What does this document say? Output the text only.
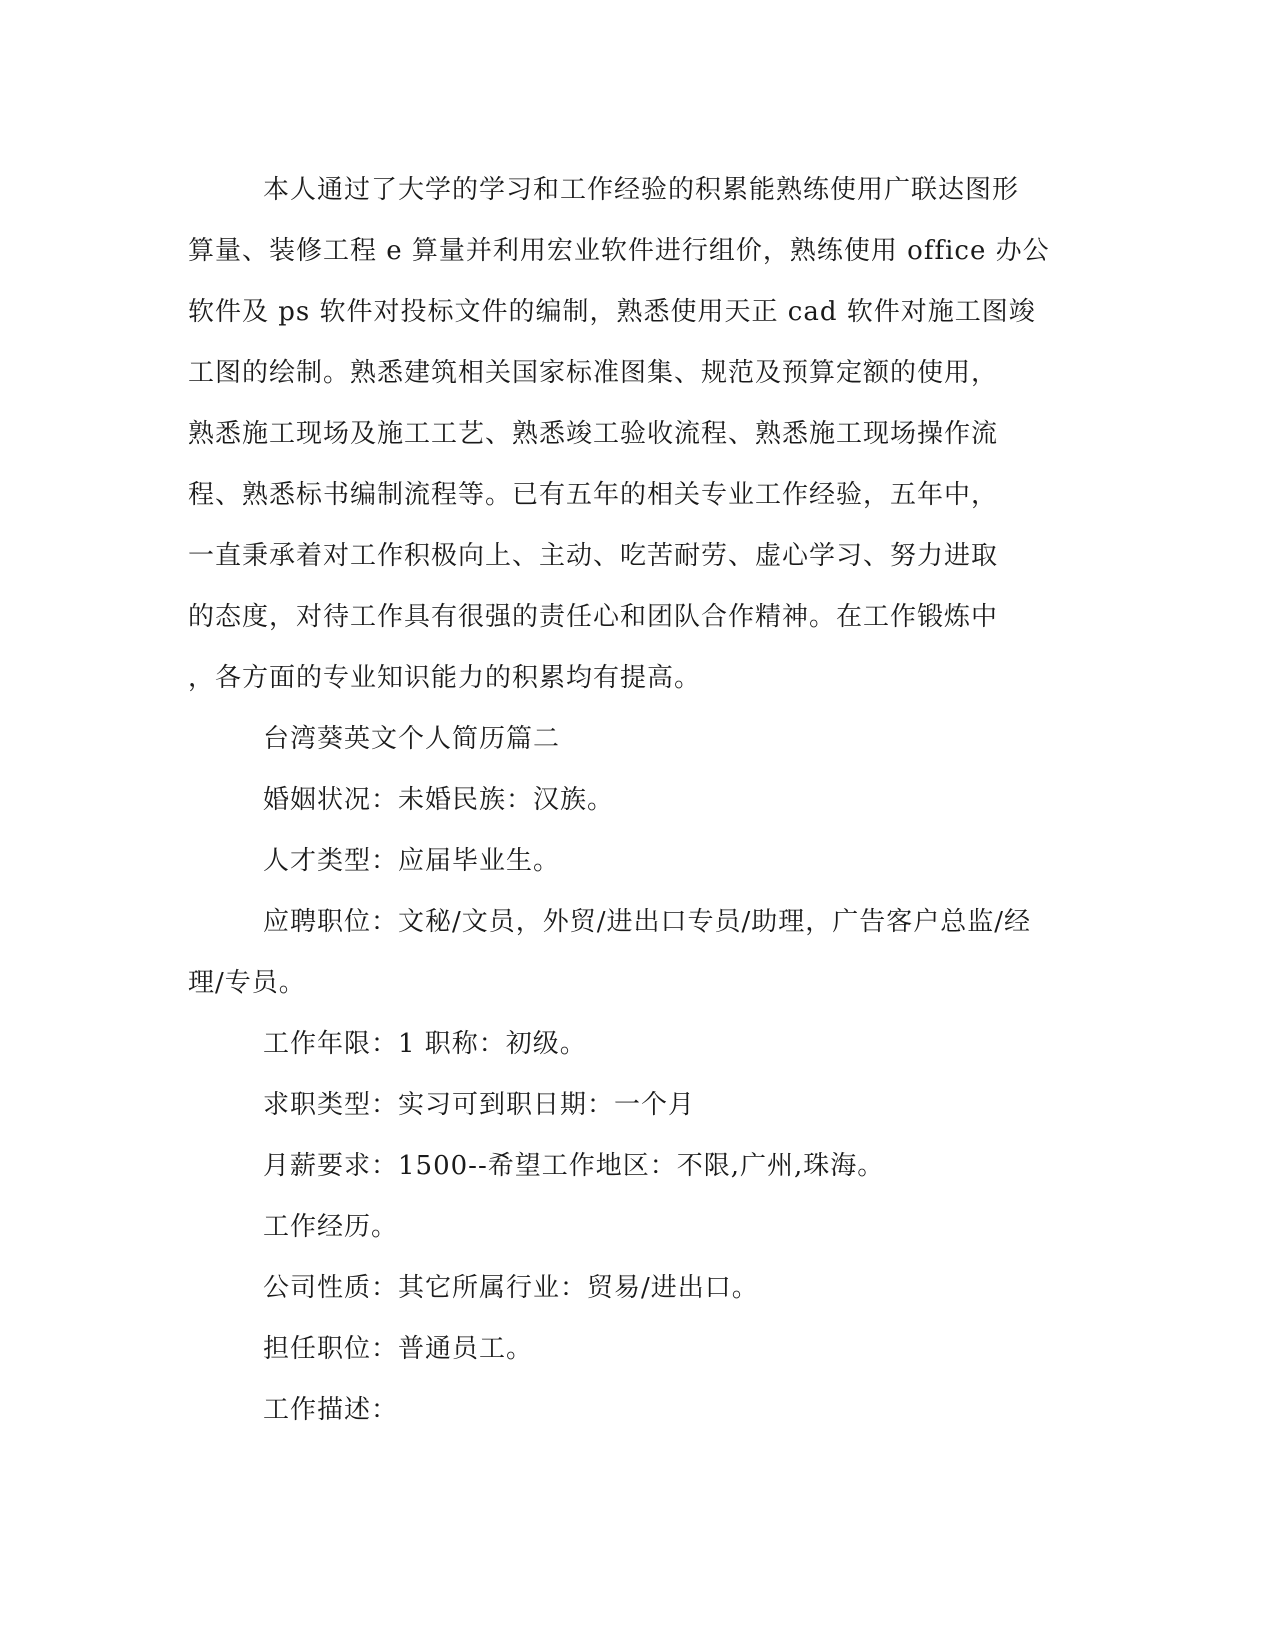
本人通过了大学的学习和工作经验的积累能熟练使用广联达图形
算量、装修工程 e 算量并利用宏业软件进行组价，熟练使用 office 办公
软件及 ps 软件对投标文件的编制，熟悉使用天正 cad 软件对施工图竣
工图的绘制。熟悉建筑相关国家标准图集、规范及预算定额的使用，
熟悉施工现场及施工工艺、熟悉竣工验收流程、熟悉施工现场操作流
程、熟悉标书编制流程等。已有五年的相关专业工作经验，五年中，
一直秉承着对工作积极向上、主动、吃苦耐劳、虚心学习、努力进取
的态度，对待工作具有很强的责任心和团队合作精神。在工作锻炼中
，各方面的专业知识能力的积累均有提高。
台湾葵英文个人简历篇二
婚姻状况：未婚民族：汉族。
人才类型：应届毕业生。
应聘职位：文秘/文员，外贸/进出口专员/助理，广告客户总监/经
理/专员。
工作年限：1 职称：初级。
求职类型：实习可到职日期：一个月
月薪要求：1500--希望工作地区：不限,广州,珠海。
工作经历。
公司性质：其它所属行业：贸易/进出口。
担任职位：普通员工。
工作描述：
